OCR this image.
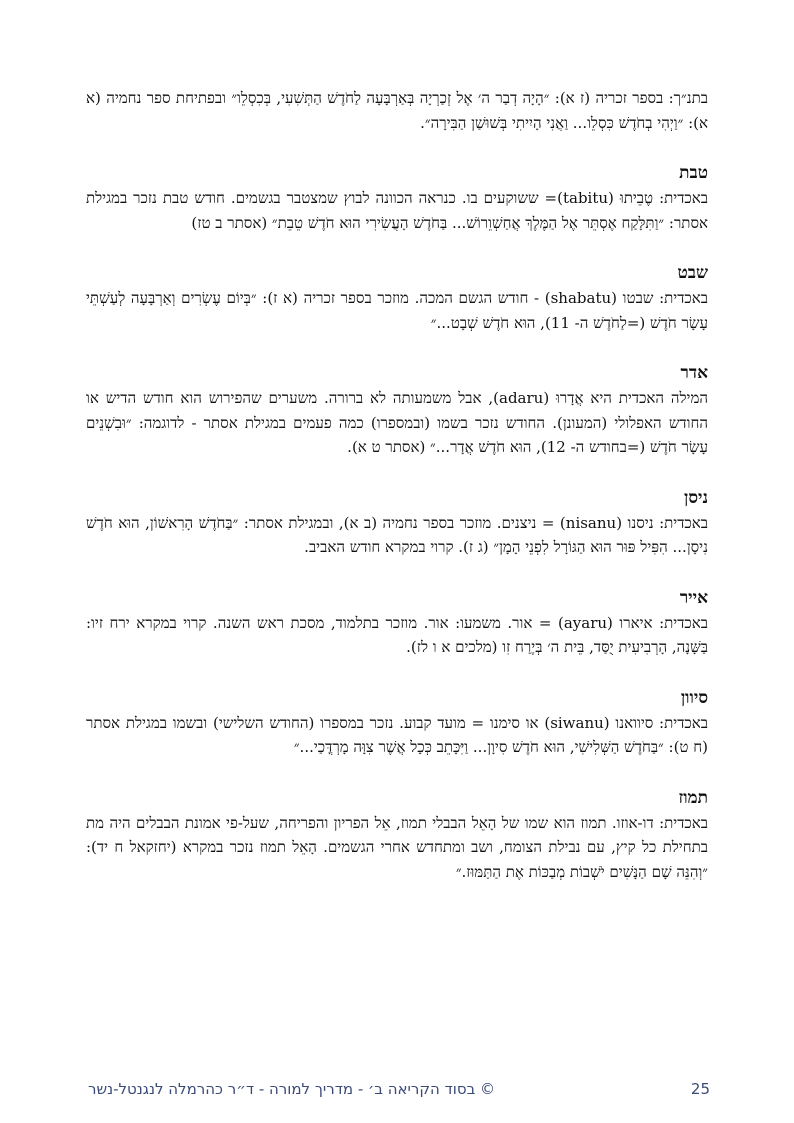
בתנ״ך: בספר זכריה (ז א): ״הָיָה דְבַר ה׳ אֶל זְכַרְיָה בְּאַרְבָּעָה לַחֹדֶשׁ הַתְּשִׁעִי, בְּכִסְלֵו״ ובפתיחת ספר נחמיה (א א): ״וַיְהִי בְחֹדֶשׁ כִּסְלֵו... וַאֲנִי הָיִיתִי בְּשׁוּשַׁן הַבִּירָה״.

טבת

באכדית: טֶבֵיתוּ (tabitu)= ששוקעים בו. כנראה הכוונה לבוץ שמצטבר בגשמים. חודש טבת נזכר במגילת אסתר: ״וַתִּלָּקַח אֶסְתֵּר אֶל הַמֶּלֶךְ אֲחַשְׁוֵרוֹשׁ... בַּחֹדֶשׁ הָעֲשִׂירִי הוּא חֹדֶשׁ טֵבֵת״ (אסתר ב טז)

שבט

באכדית: שבטו (shabatu) - חודש הגשם המכה. מוזכר בספר זכריה (א ז): ״בְּיוֹם עֶשְׂרִים וְאַרְבָּעָה לְעַשְׁתֵּי עָשָׂר חֹדֶשׁ (=לַחֹדֶשׁ ה- 11), הוּא חֹדֶשׁ שְׁבָט...״

אדר

המילה האכדית היא אֲדָרוּ (adaru), אבל משמעותה לא ברורה. משערים שהפירוש הוא חודש הדיש או החודש האפלולי (המעונן). החודש נזכר בשמו (ובמספרו) כמה פעמים במגילת אסתר - לדוגמה: ״וּבִשְׁנֵים עָשָׂר חֹדֶשׁ (=בחודש ה- 12), הוּא חֹדֶשׁ אֲדָר...״ (אסתר ט א).

ניסן

באכדית: ניסנו (nisanu) = ניצנים. מוזכר בספר נחמיה (ב א), ובמגילת אסתר: ״בַּחֹדֶשׁ הָרִאשׁוֹן, הוּא חֹדֶשׁ נִיסָן... הִפִּיל פּוּר הוּא הַגּוֹרָל לִפְנֵי הָמָן״ (ג ז). קרוי במקרא חודש האביב.

אייר

באכדית: איארו (ayaru) = אור. משמעו: אור. מוזכר בתלמוד, מסכת ראש השנה. קרוי במקרא ירח זיו: בַּשָּׁנָה, הָרְבִיעִית יֻסַּד, בֵּית ה׳ בְּיֶרַח זִו (מלכים א ו לז).

סיוון

באכדית: סיוואנו (siwanu) או סימנו = מועד קבוע. נזכר במספרו (החודש השלישי) ובשמו במגילת אסתר (ח ט): ״בַּחֹדֶשׁ הַשְּׁלִישִׁי, הוּא חֹדֶשׁ סִיוָן... וַיִּכָּתֵב כְּכָל אֲשֶׁר צִוָּה מָרְדֳּכַי...״

תמוז

באכדית: דו-אוזו. תמוז הוא שמו של הָאֵל הבבלי תמוז, אֵל הפריון והפריחה, שעל-פי אמונת הבבלים היה מת בתחילת כל קיץ, עם נבילת הצומח, ושב ומתחדש אחרי הגשמים. הָאֵל תמוז נזכר במקרא (יחזקאל ח יד): ״וְהִנֵּה שָׁם הַנָּשִׁים יֹשְׁבוֹת מְבַכּוֹת אֶת הַתַּמּוּז.״

25
© בסוד הקריאה ב׳ - מדריך למורה - ד״ר כהרמלה לנגנטל-נשר
